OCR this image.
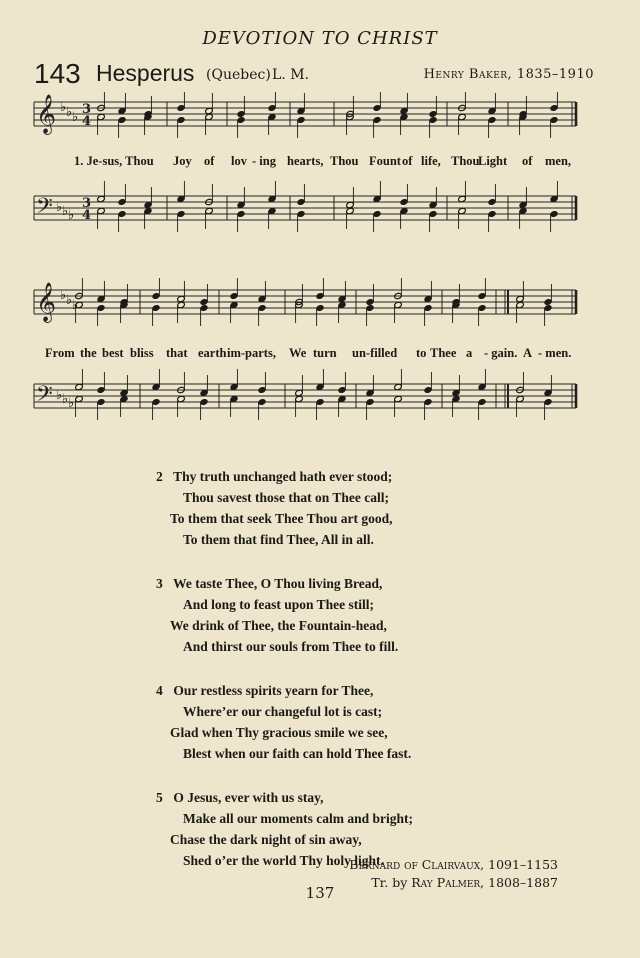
DEVOTION TO CHRIST
143 Hesperus (Quebec) L. M.	Henry Baker, 1835–1910
𝄞
𝄢
♭
♭
♭
♭
♭
♭
3
4
3
4
1. Je-sus, Thou Joy of lov - ing hearts, Thou Fount of life, Thou
Light of men,
𝄞
𝄢
♭
♭
♭
♭
♭
♭
From the best bliss that earth im-parts, We turn un-filled to Thee a - gain. A - men.
2 Thy truth unchanged hath ever stood;
Thou savest those that on Thee call;
To them that seek Thee Thou art good,
To them that find Thee, All in all.
3 We taste Thee, O Thou living Bread,
And long to feast upon Thee still;
We drink of Thee, the Fountain-head,
And thirst our souls from Thee to fill.
4 Our restless spirits yearn for Thee,
Where’er our changeful lot is cast;
Glad when Thy gracious smile we see,
Blest when our faith can hold Thee fast.
5 O Jesus, ever with us stay,
Make all our moments calm and bright;
Chase the dark night of sin away,
Shed o’er the world Thy holy light.
Bernard of Clairvaux, 1091–1153
Tr. by Ray Palmer, 1808–1887
137
